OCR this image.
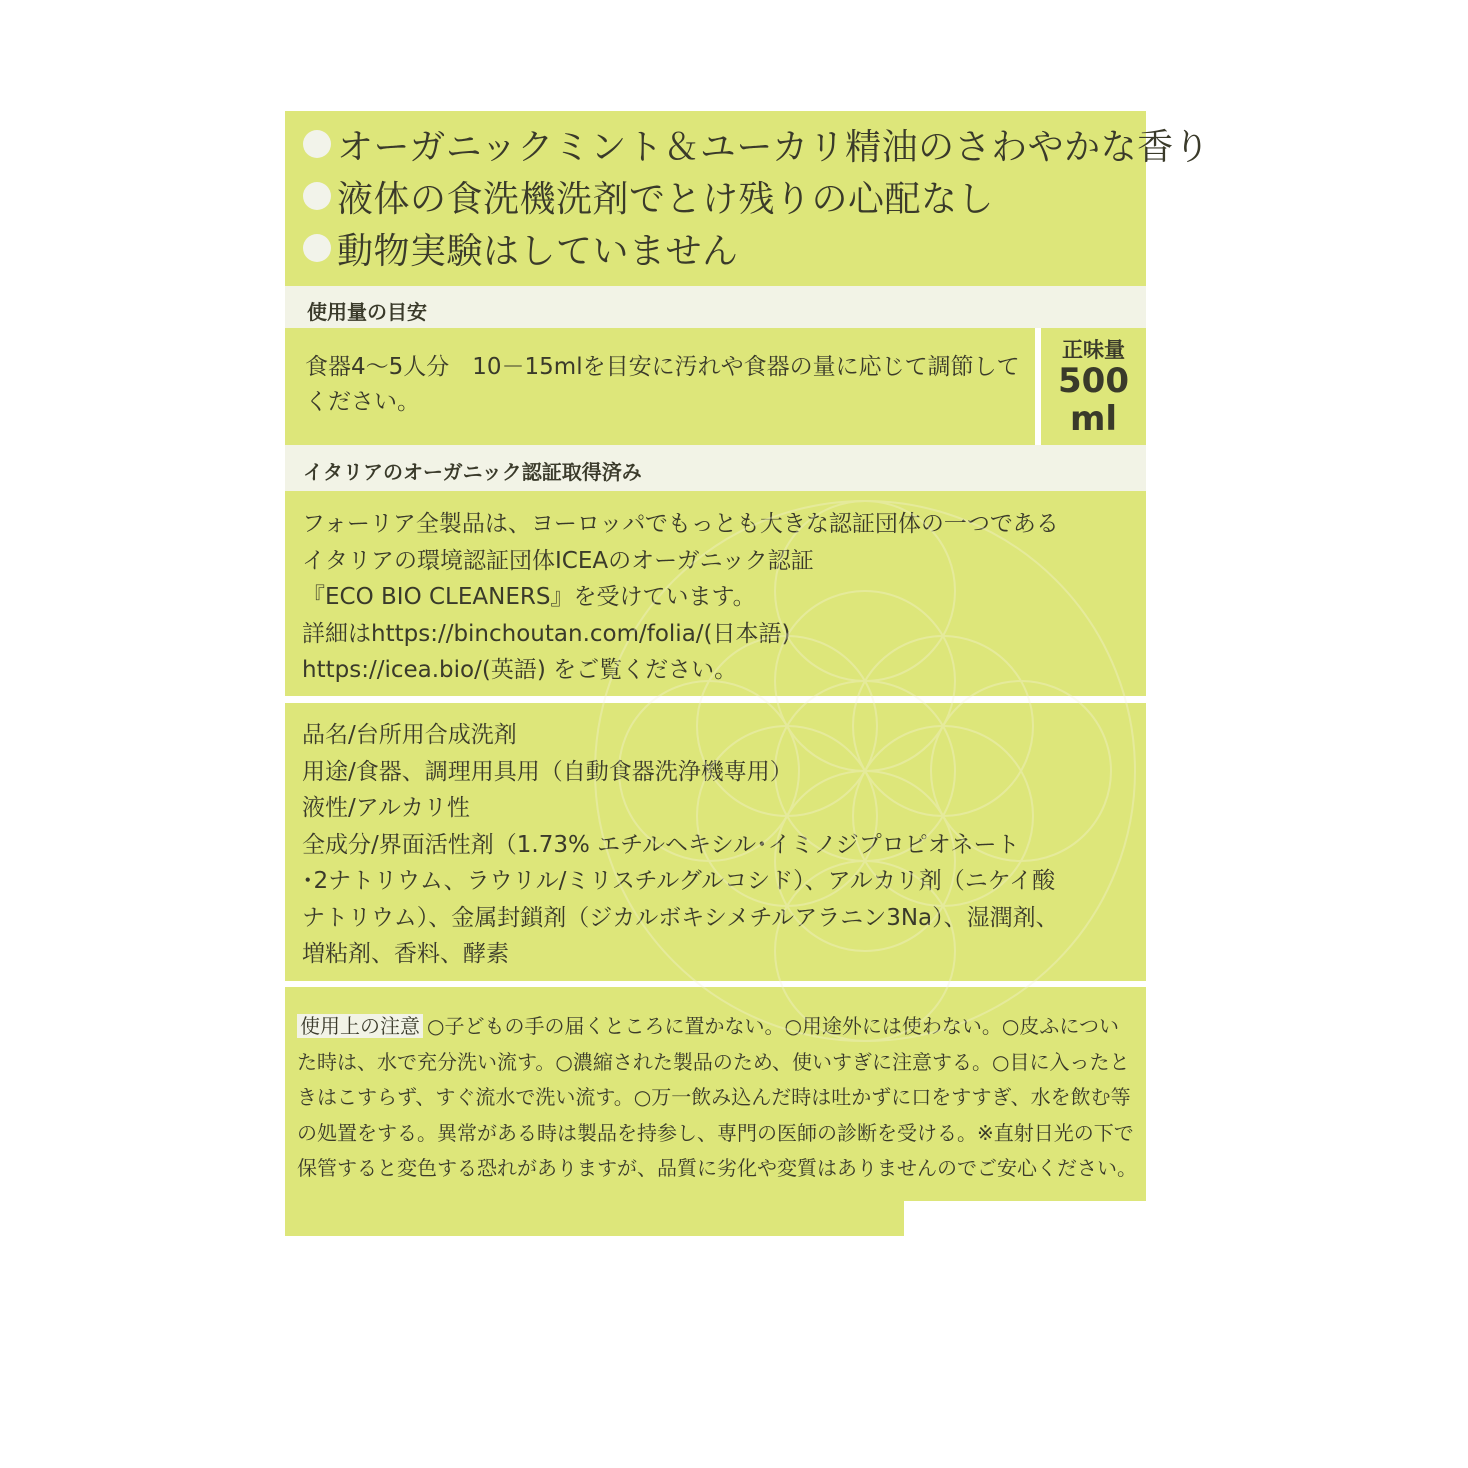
オーガニックミント＆ユーカリ精油のさわやかな香り
液体の食洗機洗剤でとけ残りの心配なし
動物実験はしていません
使用量の目安
食器4～5人分　10－15mlを目安に汚れや食器の量に応じて調節してください。
正味量
500
ml
イタリアのオーガニック認証取得済み
フォーリア全製品は、ヨーロッパでもっとも大きな認証団体の一つである
イタリアの環境認証団体ICEAのオーガニック認証
『ECO BIO CLEANERS』を受けています。
詳細はhttps://binchoutan.com/folia/(日本語)
https://icea.bio/(英語) をご覧ください。
品名/台所用合成洗剤
用途/食器、調理用具用（自動食器洗浄機専用）
液性/アルカリ性
全成分/界面活性剤（1.73% エチルヘキシル･イミノジプロピオネート
･2ナトリウム、ラウリル/ミリスチルグルコシド）、アルカリ剤（ニケイ酸
ナトリウム）、金属封鎖剤（ジカルボキシメチルアラニン3Na）、湿潤剤、
増粘剤、香料、酵素
使用上の注意 ○子どもの手の届くところに置かない。○用途外には使わない。○皮ふについた時は、水で充分洗い流す。○濃縮された製品のため、使いすぎに注意する。○目に入ったときはこすらず、すぐ流水で洗い流す。○万一飲み込んだ時は吐かずに口をすすぎ、水を飲む等の処置をする。異常がある時は製品を持参し、専門の医師の診断を受ける。※直射日光の下で保管すると変色する恐れがありますが、品質に劣化や変質はありませんのでご安心ください。
